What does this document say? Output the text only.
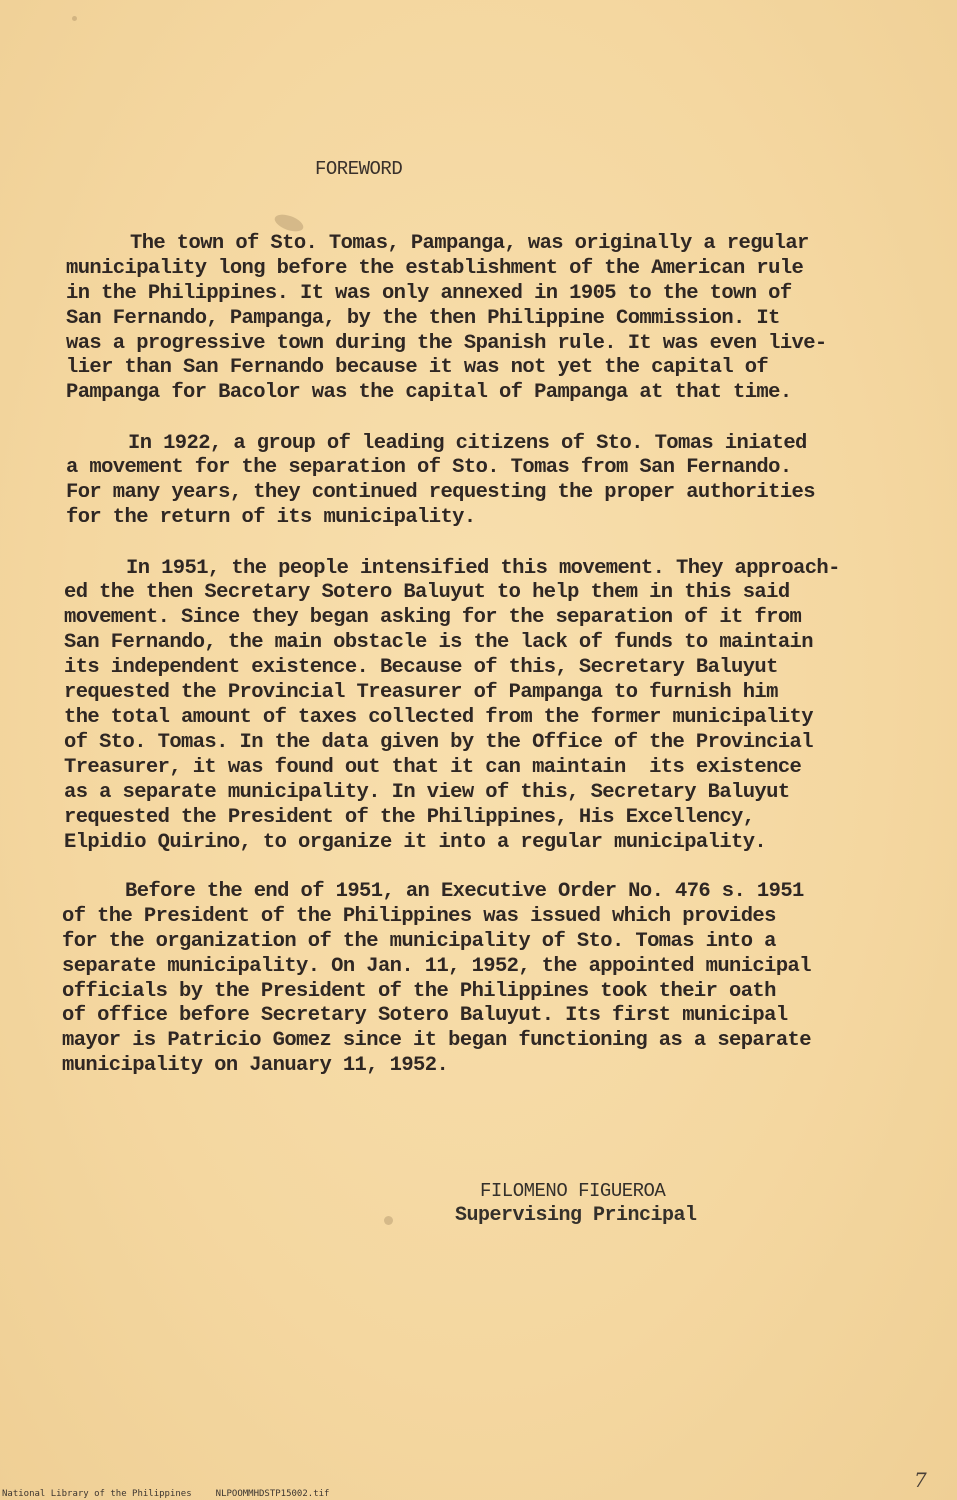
FOREWORD
The town of Sto. Tomas, Pampanga, was originally a regular
municipality long before the establishment of the American rule
in the Philippines. It was only annexed in 1905 to the town of
San Fernando, Pampanga, by the then Philippine Commission. It
was a progressive town during the Spanish rule. It was even live-
lier than San Fernando because it was not yet the capital of
Pampanga for Bacolor was the capital of Pampanga at that time.
In 1922, a group of leading citizens of Sto. Tomas iniated
a movement for the separation of Sto. Tomas from San Fernando.
For many years, they continued requesting the proper authorities
for the return of its municipality.
In 1951, the people intensified this movement. They approach-
ed the then Secretary Sotero Baluyut to help them in this said
movement. Since they began asking for the separation of it from
San Fernando, the main obstacle is the lack of funds to maintain
its independent existence. Because of this, Secretary Baluyut
requested the Provincial Treasurer of Pampanga to furnish him
the total amount of taxes collected from the former municipality
of Sto. Tomas. In the data given by the Office of the Provincial
Treasurer, it was found out that it can maintain  its existence
as a separate municipality. In view of this, Secretary Baluyut
requested the President of the Philippines, His Excellency,
Elpidio Quirino, to organize it into a regular municipality.
Before the end of 1951, an Executive Order No. 476 s. 1951
of the President of the Philippines was issued which provides
for the organization of the municipality of Sto. Tomas into a
separate municipality. On Jan. 11, 1952, the appointed municipal
officials by the President of the Philippines took their oath
of office before Secretary Sotero Baluyut. Its first municipal
mayor is Patricio Gomez since it began functioning as a separate
municipality on January 11, 1952.
FILOMENO FIGUEROA
Supervising Principal
7
National Library of the Philippines	NLPOOMMHDSTP15002.tif
